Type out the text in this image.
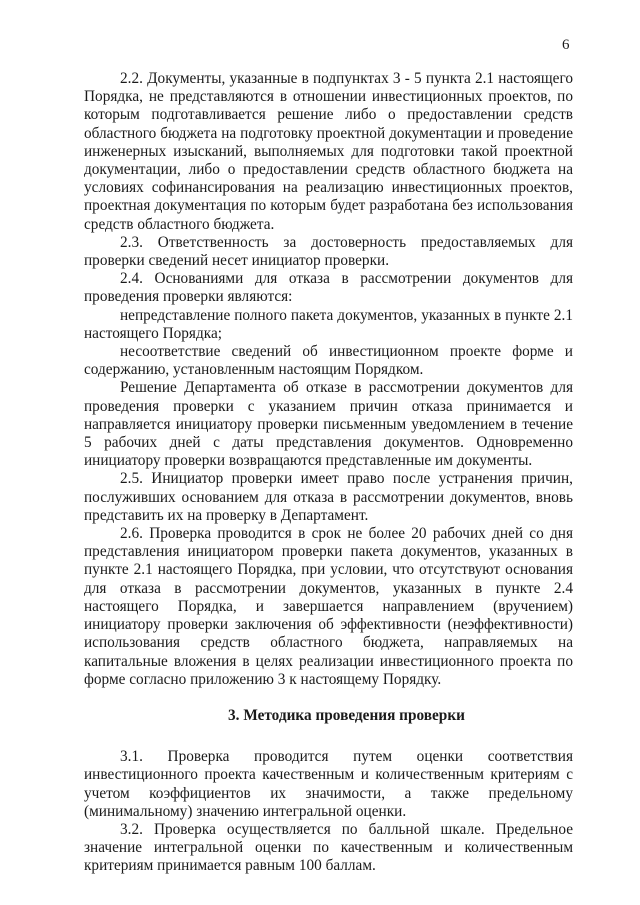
6

2.2. Документы, указанные в подпунктах 3 - 5 пункта 2.1 настоящего Порядка, не представляются в отношении инвестиционных проектов, по которым подготавливается решение либо о предоставлении средств областного бюджета на подготовку проектной документации и проведение инженерных изысканий, выполняемых для подготовки такой проектной документации, либо о предоставлении средств областного бюджета на условиях софинансирования на реализацию инвестиционных проектов, проектная документация по которым будет разработана без использования средств областного бюджета.

2.3. Ответственность за достоверность предоставляемых для проверки сведений несет инициатор проверки.

2.4. Основаниями для отказа в рассмотрении документов для проведения проверки являются:

непредставление полного пакета документов, указанных в пункте 2.1 настоящего Порядка;

несоответствие сведений об инвестиционном проекте форме и содержанию, установленным настоящим Порядком.

Решение Департамента об отказе в рассмотрении документов для проведения проверки с указанием причин отказа принимается и направляется инициатору проверки письменным уведомлением в течение 5 рабочих дней с даты представления документов. Одновременно инициатору проверки возвращаются представленные им документы.

2.5. Инициатор проверки имеет право после устранения причин, послуживших основанием для отказа в рассмотрении документов, вновь представить их на проверку в Департамент.

2.6. Проверка проводится в срок не более 20 рабочих дней со дня представления инициатором проверки пакета документов, указанных в пункте 2.1 настоящего Порядка, при условии, что отсутствуют основания для отказа в рассмотрении документов, указанных в пункте 2.4 настоящего Порядка, и завершается направлением (вручением) инициатору проверки заключения об эффективности (неэффективности) использования средств областного бюджета, направляемых на капитальные вложения в целях реализации инвестиционного проекта по форме согласно приложению 3 к настоящему Порядку.

3. Методика проведения проверки

3.1. Проверка проводится путем оценки соответствия инвестиционного проекта качественным и количественным критериям с учетом коэффициентов их значимости, а также предельному (минимальному) значению интегральной оценки.

3.2. Проверка осуществляется по балльной шкале. Предельное значение интегральной оценки по качественным и количественным критериям принимается равным 100 баллам.
